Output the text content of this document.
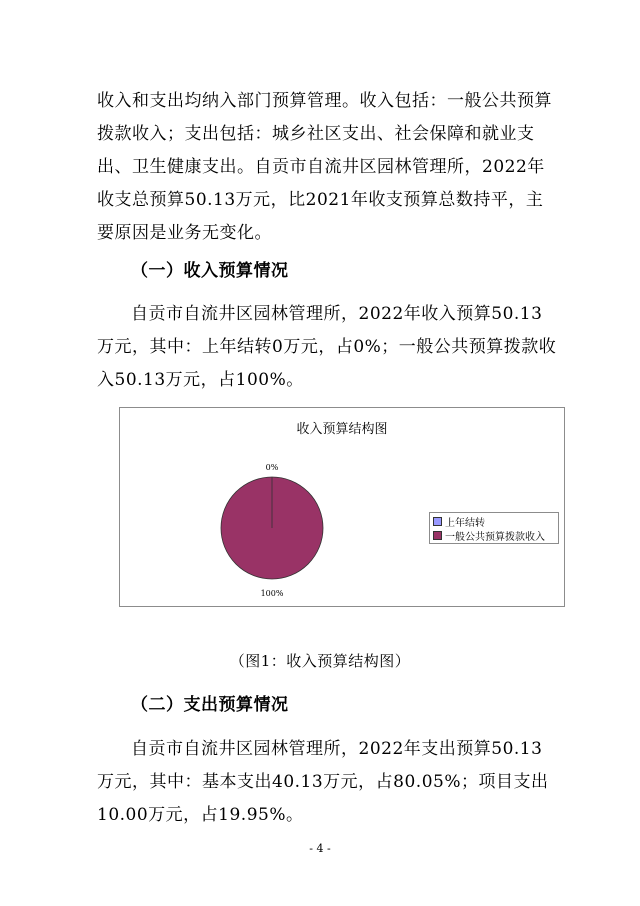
收入和支出均纳入部门预算管理。收入包括：一般公共预算拨款收入；支出包括：城乡社区支出、社会保障和就业支出、卫生健康支出。自贡市自流井区园林管理所，2022年收支总预算50.13万元，比2021年收支预算总数持平，主要原因是业务无变化。

（一）收入预算情况

自贡市自流井区园林管理所，2022年收入预算50.13万元，其中：上年结转0万元，占0%；一般公共预算拨款收入50.13万元，占100%。

收入预算结构图
0%
100%
上年结转
一般公共预算拨款收入
（图1：收入预算结构图）

（二）支出预算情况

自贡市自流井区园林管理所，2022年支出预算50.13万元，其中：基本支出40.13万元，占80.05%；项目支出10.00万元，占19.95%。

- 4 -
